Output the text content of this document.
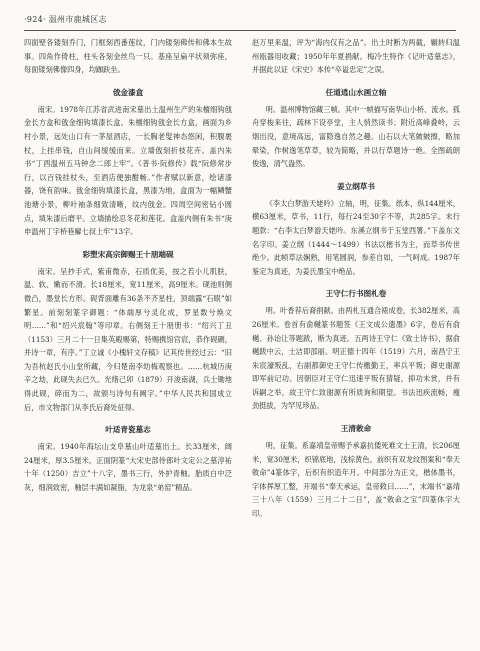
·924· 温州市鹿城区志

四面壁各镂刻乔门，门框刻西番莲纹，门内镂刻佛传和佛本生故事。四角作倚柱，柱头各刻金丝鸟一只。基座呈扁平状须弥座，每面镂刻佛像四身，均跏趺坐。

戗金漆盒

南宋。1978年江苏省武进南宋墓出土温州生产的朱檀细钩戗金长方盒和戗金细钩填漆长盒。朱檀细钩戗金长方盒，画面为乡村小景，远处山口有一茅屋酒店，一长胸老叟神态悠闲，积腹裹杖，上挂串钱，自山间缓缓而来。立墙戗刻折枝花卉。盖内朱书“丁酉温州五马钟念二郎上牢”。《普书·阮修传》载“阮修常步行，以百钱挂杖头，至酒店便独酣畅。”作者赋以新意，绘诸漆器，饶有韵味。戗金细钩填漆长盒，黑漆为地，盒面为一幅鳞蟹池塘小景，柳叶袖条细致清晰，纹内戗金。四周空间密钻小圆点，填朱漆后磨平。立墙描绘忍冬花和莲花。盒盖内侧有朱书“庚申温州丁字桥巷廨七叔上牢”13字。

彩塑宋高宗御赐王十朋端砚

南宋。呈抄手式，紫甫微赤，石质优美，按之若小儿肌肤，温、软、嫩而不滑。长18厘米，宽11厘米，高9厘米。砚池则侧微凸，墨堂长方形。砚背面雕有36条不齐星柱，顶端露“石眼”如繁星。前刻刻篆字御题：“体端厚兮灵化成，罗星数兮焕文明……”和“绍兴宸翰”等印章。右侧刻王十朋册书：“绍兴丁丑（1153）三月二十一日集英殿赐第，特赐携馆宫宸，恭作砚硎，并诗一章，有序。”丁立诚《小槐轩文存稿》记其传世经过云：“旧为吾杭赵氏小山堂所藏，今归楚南李幼梅观察也。……杭城历庚辛之劫，此砚失去已久。光绪己卯（1879）开浚南湖，兵士锄地得此砚，碎而为二，故颁与诗句有阙字。”中华人民共和国成立后，市文物部门从李氏后裔处征得。

叶适青瓷墓志

南宋。1940年海坛山支阜墓山叶适墓出土。长33厘米，阔24厘米，厚3.5厘米。正面阴篆“大宋史部侍郎叶文定公之墓淳祐十年（1250）吉立”十八字，墨书三行，外护青釉。胎质白中泛灰，细润致密，釉层丰满如凝脂，为龙泉“弟窑”精品。

赵万里来温，评为“海内仅有之品”。出土时断为两截，辗转归温州瓯器用收藏；1950年年夏捐献。梅冷生特作《记叶适墓志》，并据此以证《宋史》本传“卒谥忠定”之误。

任道逍山水画立轴

明。温州博物馆藏三帧。其中一帧描写南华山小桥、流水。孤舟穿梭来往，疏林下设亭堂，主人悄然读书；附近高峰叠岭，云烟出没，意境高远，富隐逸自然之趣。山石以大笔皴皴擦，略加晕染，作树逸笔草草，较为简略，并以行草题诗一绝。全图疏朗俊逸，清气盎然。

姜立纲草书

《李太白梦游天姥吟》立轴，明，征集。纸本，纵144厘米，横63厘米，草书，11行，每行24至30字不等，共285字。末行题款：“右李太白梦游天姥吟。东溪立纲书于玉堂西署。”下盖东文名字印。姜立纲（1444～1499）书法以楷书为主，而草书传世绝少。此帧草法娴熟，用笔圆润，参差自如，一气呵成。1987年鉴定为真迹，为姜氏墨宝中绝品。

王守仁行书图札卷

明。叶香荐后裔捐献。由两札互通合裱成卷，长382厘米，高26厘米。卷首有俞樾篆书题签《王文成公遗墨》6字，卷后有俞樾、孙诒让等题跋，断为真迹。五两诗王守仁《致士诗书》，据俞樾跋中云，士洁即邵丽。明正德十四年（1519）六月，南昌宁王朱宸濠叛乱，右副都御史王守仁传檄勤王，率兵平叛；御史谢源即军前记功。因朝臣对王守仁迅速平叛有猜疑，抑功未赏，并有诉嗣之举，故王守仁致谢源有所质询和期望。书法迅疾流畅，瘦劲挺拔，为罕见珍品。

王清敕命

明，征集。系嘉靖皇帝赐予承嘉抗倭死难文士王清，长206厘米，宽30厘米，织锦底地，浅棕黄色。前织有双龙纹图案和“奉天敕命”4篆体字，后织有织造年月。中间部分为正文，楷体墨书，字体挥厚工整，开端书“奉天承运，皇帝敕曰……”，末端书“嘉靖三十八年（1559）三月二十二日”，盖“敕命之宝”四篆体字大印。
